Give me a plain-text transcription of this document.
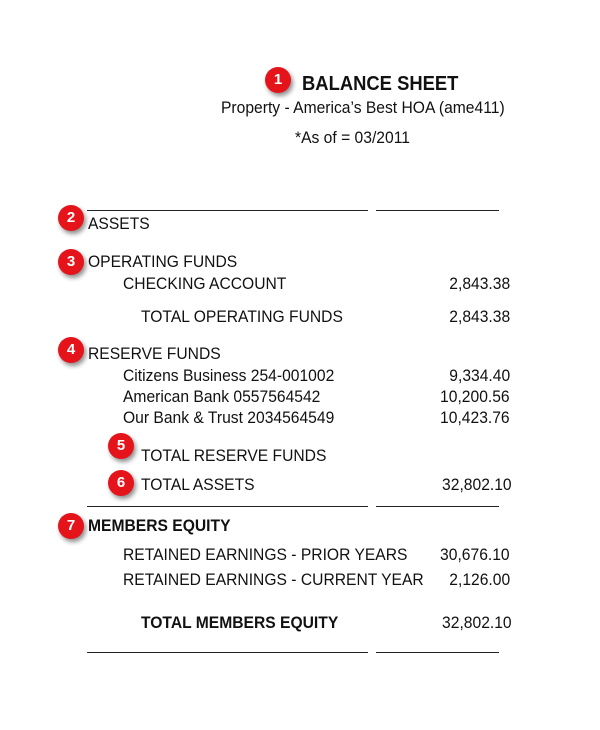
1 BALANCE SHEET
Property - America’s Best HOA (ame411)
*As of = 03/2011
2 ASSETS
3 OPERATING FUNDS
CHECKING ACCOUNT	2,843.38
TOTAL OPERATING FUNDS	2,843.38
4 RESERVE FUNDS
Citizens Business 254-001002	9,334.40
American Bank 0557564542	10,200.56
Our Bank & Trust 2034564549	10,423.76
5
TOTAL RESERVE FUNDS
6 TOTAL ASSETS	32,802.10
7 MEMBERS EQUITY
RETAINED EARNINGS - PRIOR YEARS 30,676.10
RETAINED EARNINGS - CURRENT YEAR 2,126.00
TOTAL MEMBERS EQUITY	32,802.10
